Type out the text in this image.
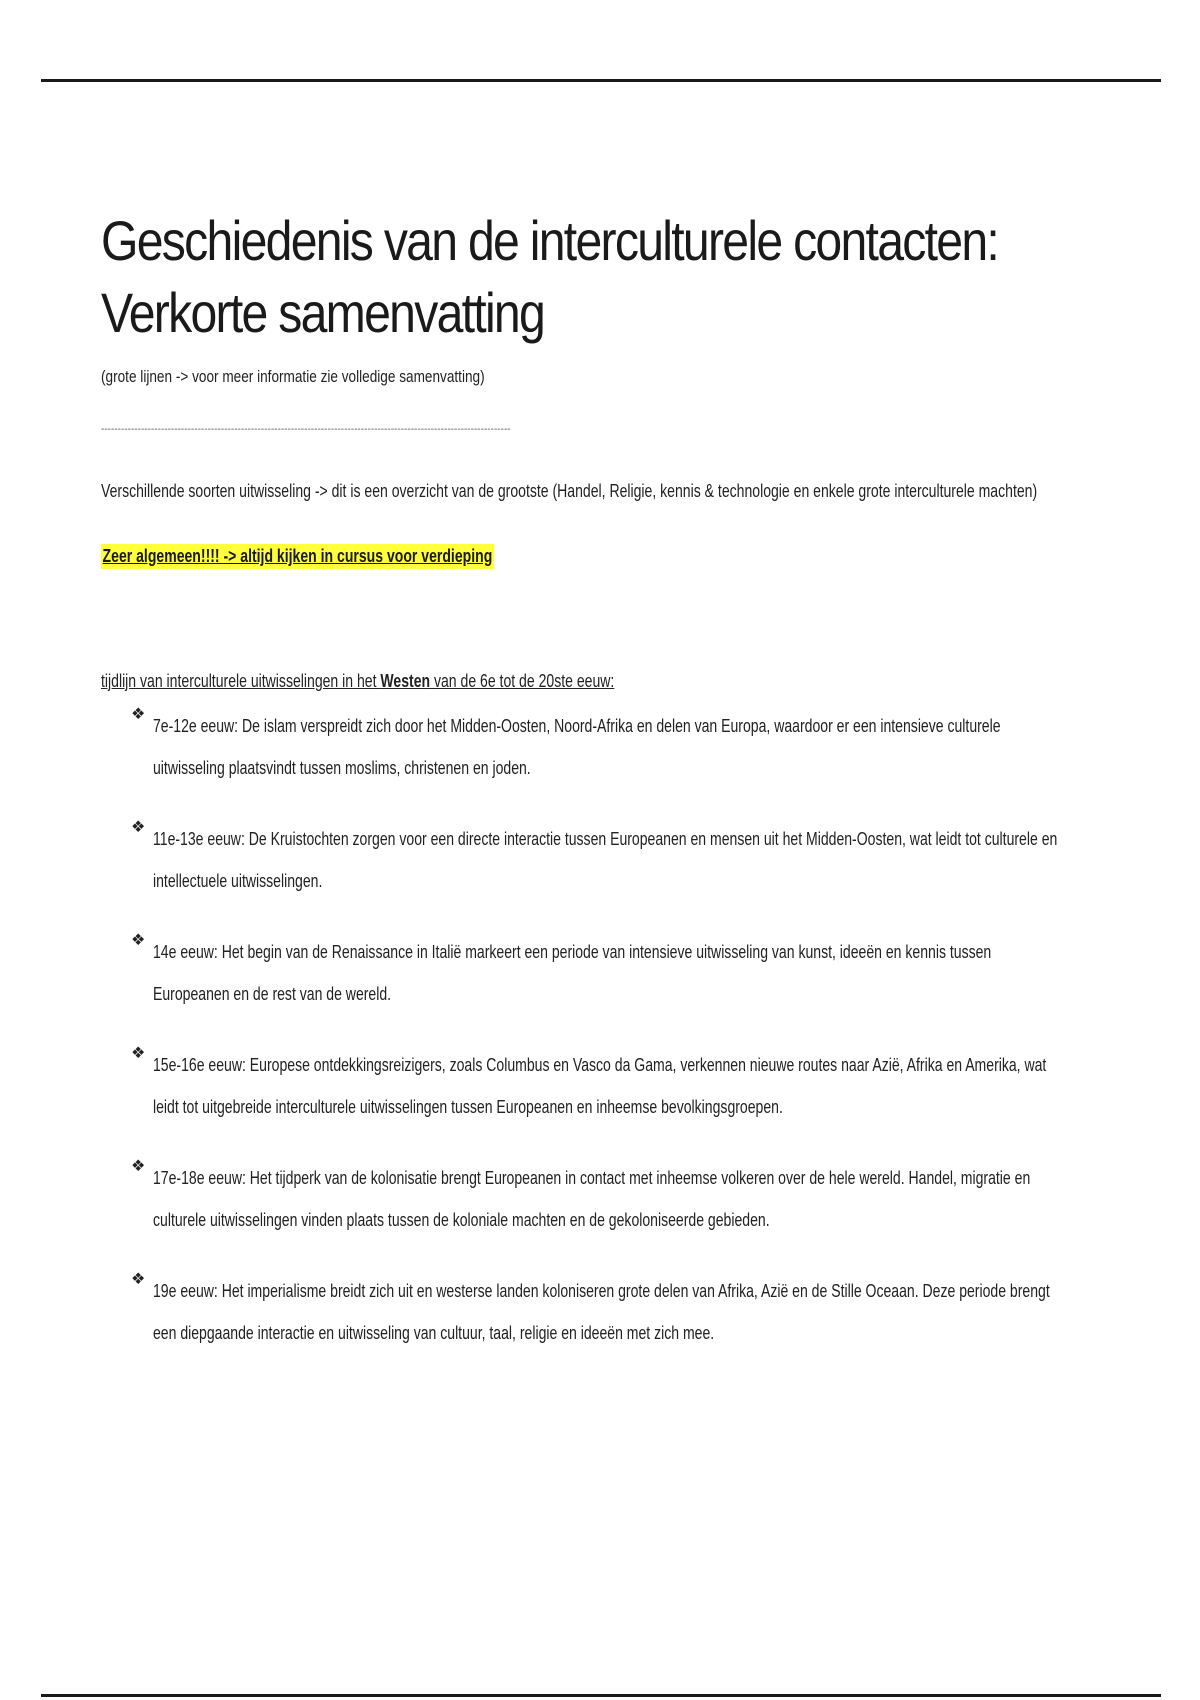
Geschiedenis van de interculturele contacten:
Verkorte samenvatting
(grote lijnen -> voor meer informatie zie volledige samenvatting)
---------------------------------------------------------------------------------------------------------------------------
Verschillende soorten uitwisseling -> dit is een overzicht van de grootste (Handel, Religie, kennis & technologie en enkele grote interculturele machten)
Zeer algemeen!!!! -> altijd kijken in cursus voor verdieping
tijdlijn van interculturele uitwisselingen in het Westen van de 6e tot de 20ste eeuw:
❖
7e-12e eeuw: De islam verspreidt zich door het Midden-Oosten, Noord-Afrika en delen van Europa, waardoor er een intensieve culturele uitwisseling plaatsvindt tussen moslims, christenen en joden.
❖
11e-13e eeuw: De Kruistochten zorgen voor een directe interactie tussen Europeanen en mensen uit het Midden-Oosten, wat leidt tot culturele en intellectuele uitwisselingen.
❖
14e eeuw: Het begin van de Renaissance in Italië markeert een periode van intensieve uitwisseling van kunst, ideeën en kennis tussen Europeanen en de rest van de wereld.
❖
15e-16e eeuw: Europese ontdekkingsreizigers, zoals Columbus en Vasco da Gama, verkennen nieuwe routes naar Azië, Afrika en Amerika, wat leidt tot uitgebreide interculturele uitwisselingen tussen Europeanen en inheemse bevolkingsgroepen.
❖
17e-18e eeuw: Het tijdperk van de kolonisatie brengt Europeanen in contact met inheemse volkeren over de hele wereld. Handel, migratie en culturele uitwisselingen vinden plaats tussen de koloniale machten en de gekoloniseerde gebieden.
❖
19e eeuw: Het imperialisme breidt zich uit en westerse landen koloniseren grote delen van Afrika, Azië en de Stille Oceaan. Deze periode brengt een diepgaande interactie en uitwisseling van cultuur, taal, religie en ideeën met zich mee.
